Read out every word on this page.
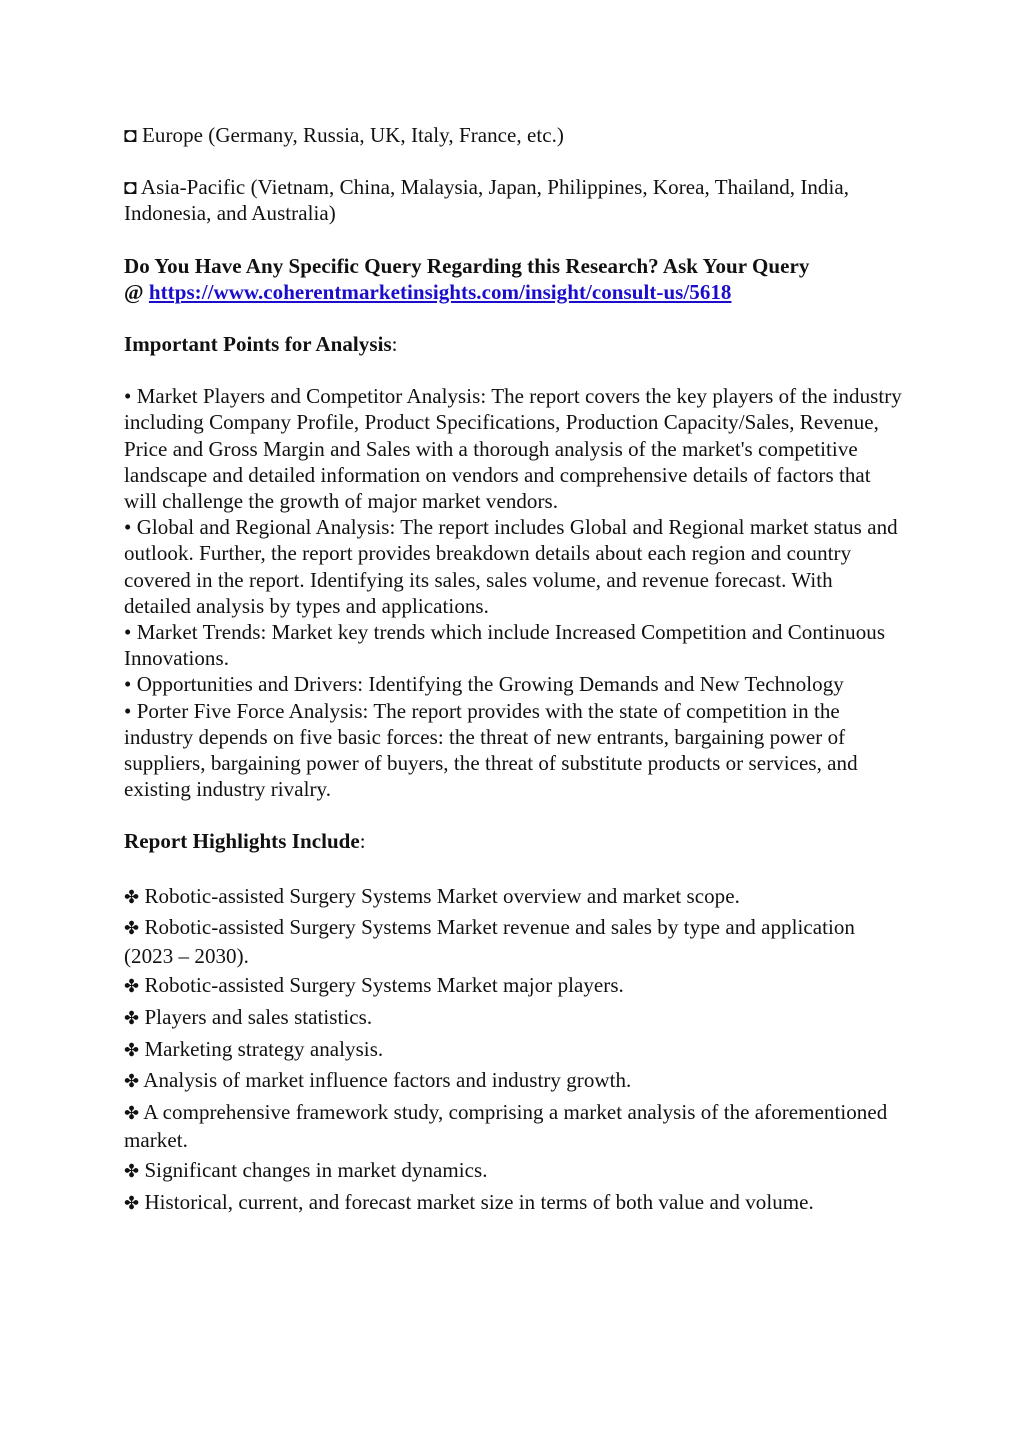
◘ Europe (Germany, Russia, UK, Italy, France, etc.)

◘ Asia-Pacific (Vietnam, China, Malaysia, Japan, Philippines, Korea, Thailand, India, Indonesia, and Australia)

Do You Have Any Specific Query Regarding this Research? Ask Your Query
@ https://www.coherentmarketinsights.com/insight/consult-us/5618

Important Points for Analysis:

• Market Players and Competitor Analysis: The report covers the key players of the industry including Company Profile, Product Specifications, Production Capacity/Sales, Revenue, Price and Gross Margin and Sales with a thorough analysis of the market's competitive landscape and detailed information on vendors and comprehensive details of factors that will challenge the growth of major market vendors.

• Global and Regional Analysis: The report includes Global and Regional market status and outlook. Further, the report provides breakdown details about each region and country covered in the report. Identifying its sales, sales volume, and revenue forecast. With detailed analysis by types and applications.

• Market Trends: Market key trends which include Increased Competition and Continuous Innovations.

• Opportunities and Drivers: Identifying the Growing Demands and New Technology

• Porter Five Force Analysis: The report provides with the state of competition in the industry depends on five basic forces: the threat of new entrants, bargaining power of suppliers, bargaining power of buyers, the threat of substitute products or services, and existing industry rivalry.

Report Highlights Include:

✤ Robotic-assisted Surgery Systems Market overview and market scope.

✤ Robotic-assisted Surgery Systems Market revenue and sales by type and application (2023 – 2030).

✤ Robotic-assisted Surgery Systems Market major players.

✤ Players and sales statistics.

✤ Marketing strategy analysis.

✤ Analysis of market influence factors and industry growth.

✤ A comprehensive framework study, comprising a market analysis of the aforementioned market.

✤ Significant changes in market dynamics.

✤ Historical, current, and forecast market size in terms of both value and volume.
